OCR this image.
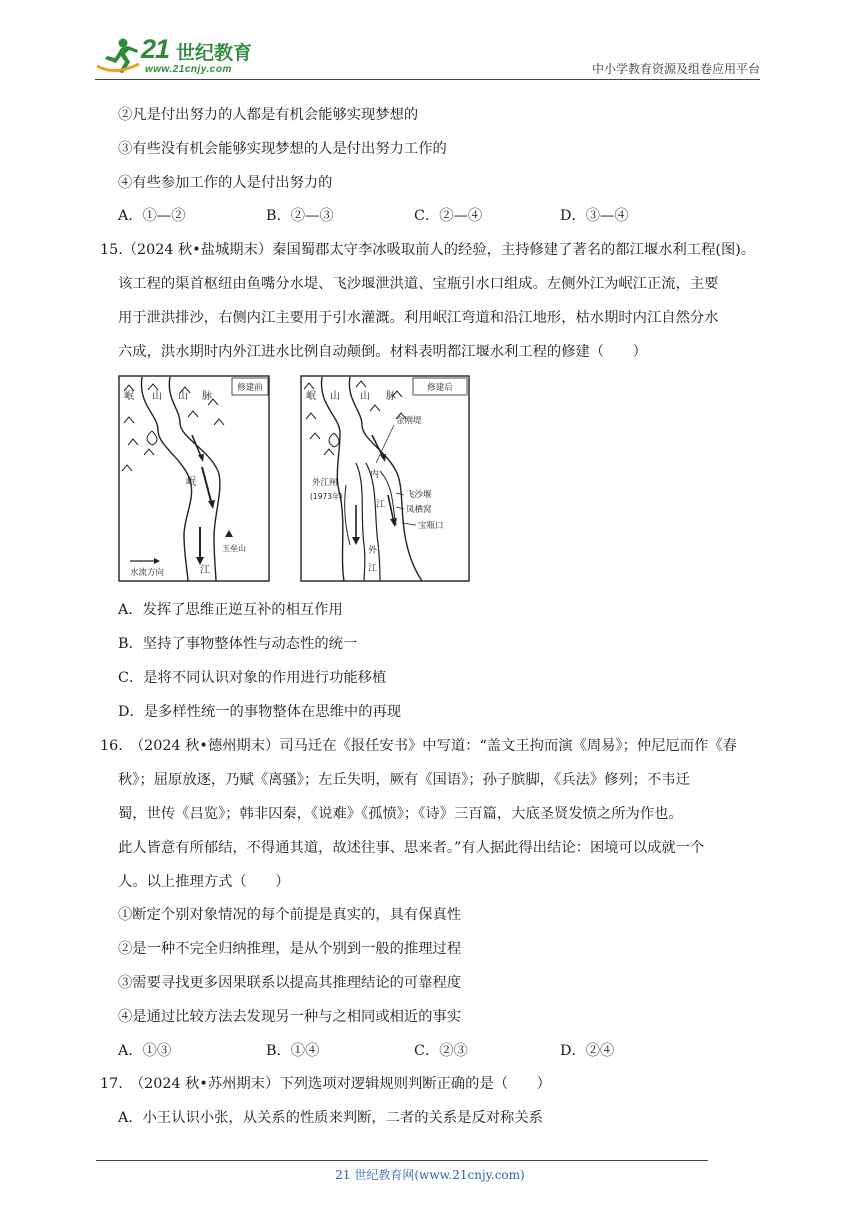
21 世纪教育
www.21cnjy.com	中小学教育资源及组卷应用平台
②凡是付出努力的人都是有机会能够实现梦想的
③有些没有机会能够实现梦想的人是付出努力工作的
④有些参加工作的人是付出努力的
A．①—②	B．②—③	C．②—④	D．③—④
15.（2024 秋•盐城期末）秦国蜀郡太守李冰吸取前人的经验，主持修建了著名的都江堰水利工程(图)。
该工程的渠首枢纽由鱼嘴分水堤、飞沙堰泄洪道、宝瓶引水口组成。左侧外江为岷江正流，主要
用于泄洪排沙，右侧内江主要用于引水灌溉。利用岷江弯道和沿江地形，枯水期时内江自然分水
六成，洪水期时内外江进水比例自动颠倒。材料表明都江堰水利工程的修建（　　）
修建前
岷 山 山 脉
岷
江
玉垒山
水流方向
修建后
岷 山 山 脉
金刚堤
外江闸
(1973年)
内
江
飞沙堰
凤栖窝
宝瓶口
外
江
A．发挥了思维正逆互补的相互作用
B．坚持了事物整体性与动态性的统一
C．是将不同认识对象的作用进行功能移植
D．是多样性统一的事物整体在思维中的再现
16.　（2024 秋•德州期末）司马迁在《报任安书》中写道：“盖文王拘而演《周易》；仲尼厄而作《春
秋》；屈原放逐，乃赋《离骚》；左丘失明，厥有《国语》；孙子膑脚，《兵法》修列；不韦迁
蜀，世传《吕览》；韩非囚秦，《说难》《孤愤》；《诗》三百篇，大底圣贤发愤之所为作也。
此人皆意有所郁结，不得通其道，故述往事、思来者。”有人据此得出结论：困境可以成就一个
人。以上推理方式（　　）
①断定个别对象情况的每个前提是真实的，具有保真性
②是一种不完全归纳推理，是从个别到一般的推理过程
③需要寻找更多因果联系以提高其推理结论的可靠程度
④是通过比较方法去发现另一种与之相同或相近的事实
A．①③	B．①④	C．②③	D．②④
17.　（2024 秋•苏州期末）下列选项对逻辑规则判断正确的是（　　）
A．小王认识小张，从关系的性质来判断，二者的关系是反对称关系
21 世纪教育网(www.21cnjy.com)
